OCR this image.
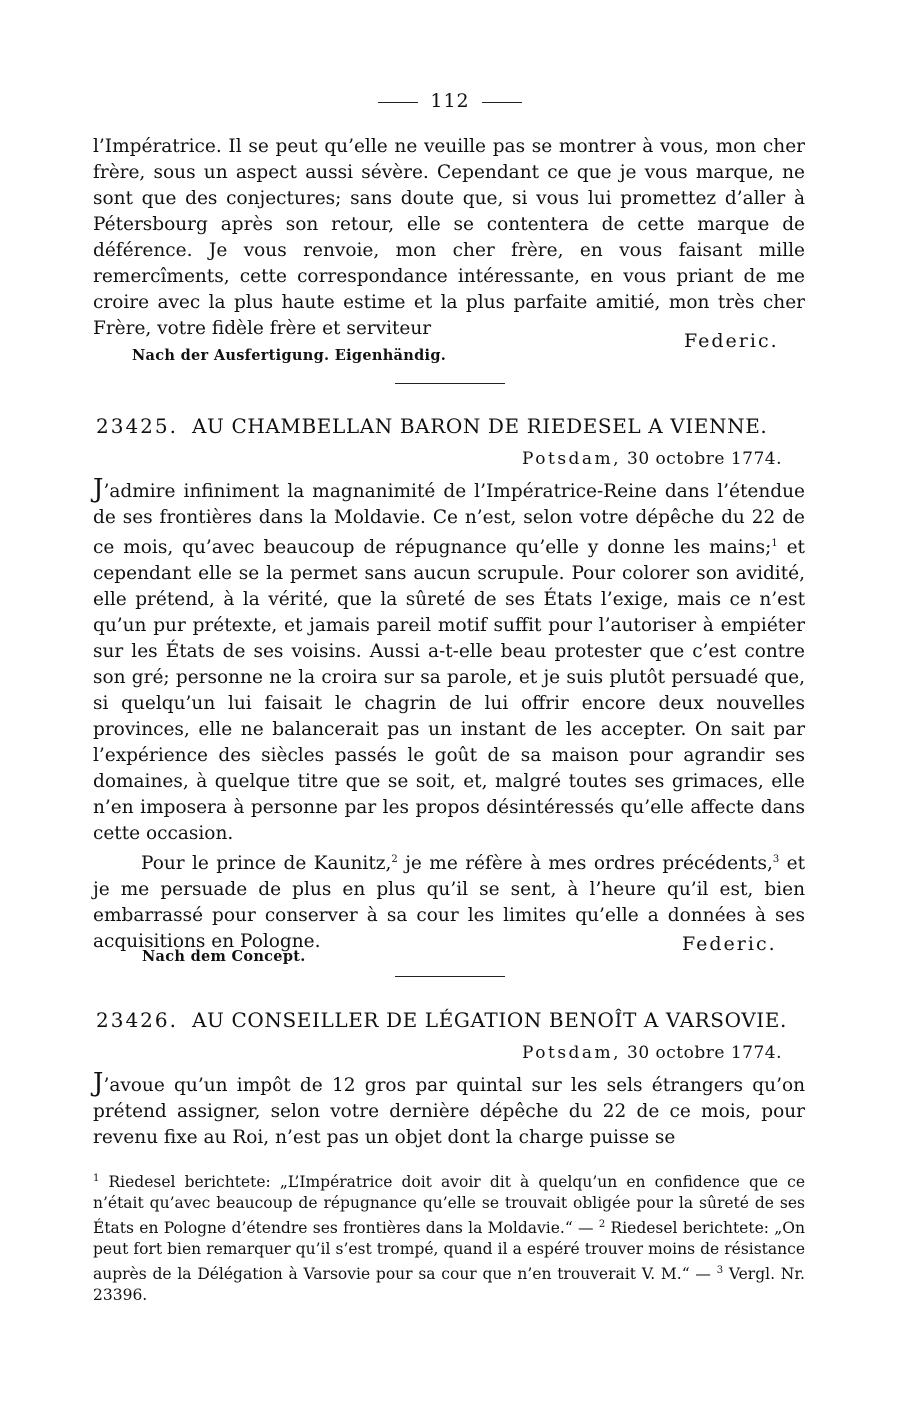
112

l’Impératrice. Il se peut qu’elle ne veuille pas se montrer à vous, mon cher frère, sous un aspect aussi sévère. Cependant ce que je vous marque, ne sont que des conjectures; sans doute que, si vous lui promettez d’aller à Pétersbourg après son retour, elle se contentera de cette marque de déférence. Je vous renvoie, mon cher frère, en vous faisant mille remercîments, cette correspondance intéressante, en vous priant de me croire avec la plus haute estime et la plus parfaite amitié, mon très cher Frère, votre fidèle frère et serviteur

Federic.
Nach der Ausfertigung. Eigenhändig.
23425. AU CHAMBELLAN BARON DE RIEDESEL A VIENNE.
Potsdam, 30 octobre 1774.

J’admire infiniment la magnanimité de l’Impératrice-Reine dans l’étendue de ses frontières dans la Moldavie. Ce n’est, selon votre dépêche du 22 de ce mois, qu’avec beaucoup de répugnance qu’elle y donne les mains;$^1$ et cependant elle se la permet sans aucun scrupule. Pour colorer son avidité, elle prétend, à la vérité, que la sûreté de ses États l’exige, mais ce n’est qu’un pur prétexte, et jamais pareil motif suffit pour l’autoriser à empiéter sur les États de ses voisins. Aussi a-t-elle beau protester que c’est contre son gré; personne ne la croira sur sa parole, et je suis plutôt persuadé que, si quelqu’un lui faisait le chagrin de lui offrir encore deux nouvelles provinces, elle ne balancerait pas un instant de les accepter. On sait par l’expérience des siècles passés le goût de sa maison pour agrandir ses domaines, à quelque titre que se soit, et, malgré toutes ses grimaces, elle n’en imposera à personne par les propos désintéressés qu’elle affecte dans cette occasion.

Pour le prince de Kaunitz,$^2$ je me réfère à mes ordres précédents,$^3$ et je me persuade de plus en plus qu’il se sent, à l’heure qu’il est, bien embarrassé pour conserver à sa cour les limites qu’elle a données à ses acquisitions en Pologne.	Federic.
Nach dem Concept.
23426. AU CONSEILLER DE LÉGATION BENOÎT A VARSOVIE.
Potsdam, 30 octobre 1774.

J’avoue qu’un impôt de 12 gros par quintal sur les sels étrangers qu’on prétend assigner, selon votre dernière dépêche du 22 de ce mois, pour revenu fixe au Roi, n’est pas un objet dont la charge puisse se

$^1$ Riedesel berichtete: „L’Impératrice doit avoir dit à quelqu’un en confidence que ce n’était qu’avec beaucoup de répugnance qu’elle se trouvait obligée pour la sûreté de ses États en Pologne d’étendre ses frontières dans la Moldavie.“ — $^2$ Riedesel berichtete: „On peut fort bien remarquer qu’il s’est trompé, quand il a espéré trouver moins de résistance auprès de la Délégation à Varsovie pour sa cour que n’en trouverait V. M.“ — $^3$ Vergl. Nr. 23396.
